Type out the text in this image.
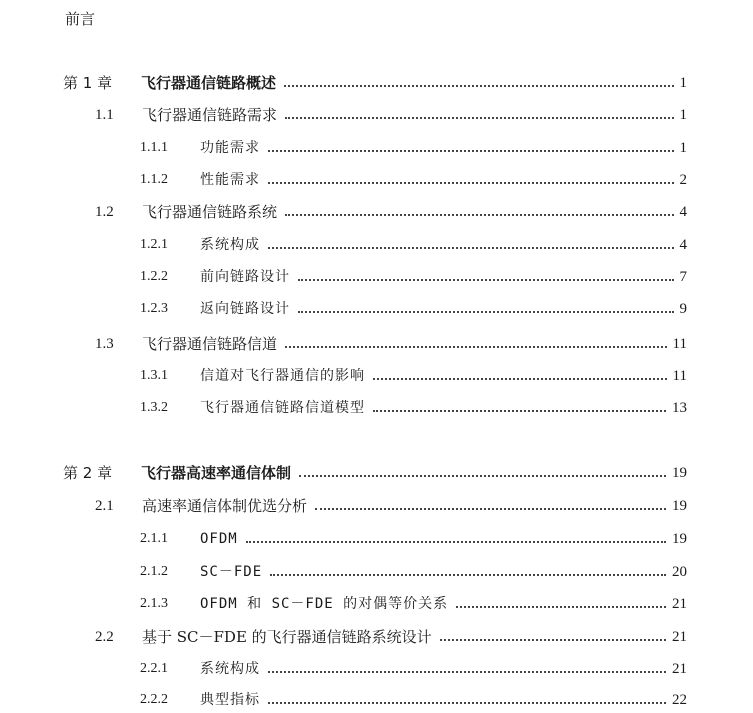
前言
第 1 章	飞行器通信链路概述	1
1.1	飞行器通信链路需求	1
1.1.1	功能需求	1
1.1.2	性能需求	2
1.2	飞行器通信链路系统	4
1.2.1	系统构成	4
1.2.2	前向链路设计	7
1.2.3	返向链路设计	9
1.3	飞行器通信链路信道	11
1.3.1	信道对飞行器通信的影响	11
1.3.2	飞行器通信链路信道模型	13
第 2 章	飞行器高速率通信体制	19
2.1	高速率通信体制优选分析	19
2.1.1	OFDM	19
2.1.2	SC－FDE	20
2.1.3	OFDM 和 SC－FDE 的对偶等价关系	21
2.2	基于 SC－FDE 的飞行器通信链路系统设计	21
2.2.1	系统构成	21
2.2.2	典型指标	22
